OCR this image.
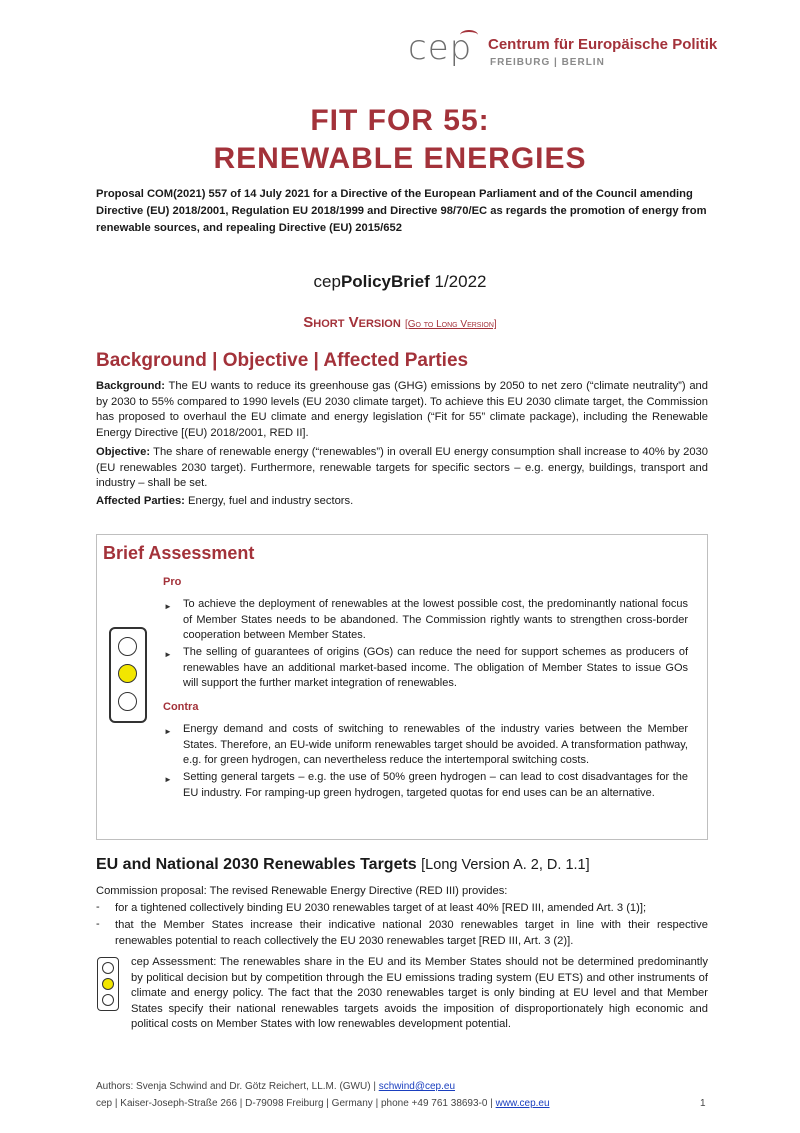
cep Centrum für Europäische Politik
FREIBURG | BERLIN
FIT FOR 55:
RENEWABLE ENERGIES
Proposal COM(2021) 557 of 14 July 2021 for a Directive of the European Parliament and of the Council amending Directive (EU) 2018/2001, Regulation EU 2018/1999 and Directive 98/70/EC as regards the promotion of energy from renewable sources, and repealing Directive (EU) 2015/652
cepPolicyBrief 1/2022
Short Version [Go to Long Version]
Background | Objective | Affected Parties
Background: The EU wants to reduce its greenhouse gas (GHG) emissions by 2050 to net zero (“climate neutrality”) and by 2030 to 55% compared to 1990 levels (EU 2030 climate target). To achieve this EU 2030 climate target, the Commission has proposed to overhaul the EU climate and energy legislation (“Fit for 55” climate package), including the Renewable Energy Directive [(EU) 2018/2001, RED II].
Objective: The share of renewable energy (“renewables”) in overall EU energy consumption shall increase to 40% by 2030 (EU renewables 2030 target). Furthermore, renewable targets for specific sectors – e.g. energy, buildings, transport and industry – shall be set.
Affected Parties: Energy, fuel and industry sectors.
Brief Assessment
Pro
► To achieve the deployment of renewables at the lowest possible cost, the predominantly national focus of Member States needs to be abandoned. The Commission rightly wants to strengthen cross-border cooperation between Member States.
► The selling of guarantees of origins (GOs) can reduce the need for support schemes as producers of renewables have an additional market-based income. The obligation of Member States to issue GOs will support the further market integration of renewables.
Contra
► Energy demand and costs of switching to renewables of the industry varies between the Member States. Therefore, an EU-wide uniform renewables target should be avoided. A transformation pathway, e.g. for green hydrogen, can nevertheless reduce the intertemporal switching costs.
► Setting general targets – e.g. the use of 50% green hydrogen – can lead to cost disadvantages for the EU industry. For ramping-up green hydrogen, targeted quotas for end uses can be an alternative.
EU and National 2030 Renewables Targets [Long Version A. 2, D. 1.1]
Commission proposal: The revised Renewable Energy Directive (RED III) provides:
- for a tightened collectively binding EU 2030 renewables target of at least 40% [RED III, amended Art. 3 (1)];
- that the Member States increase their indicative national 2030 renewables target in line with their respective renewables potential to reach collectively the EU 2030 renewables target [RED III, Art. 3 (2)].
cep Assessment: The renewables share in the EU and its Member States should not be determined predominantly by political decision but by competition through the EU emissions trading system (EU ETS) and other instruments of climate and energy policy. The fact that the 2030 renewables target is only binding at EU level and that Member States specify their national renewables targets avoids the imposition of disproportionately high economic and political costs on Member States with low renewables development potential.
Authors: Svenja Schwind and Dr. Götz Reichert, LL.M. (GWU) | schwind@cep.eu
cep | Kaiser-Joseph-Straße 266 | D-79098 Freiburg | Germany | phone +49 761 38693-0 | www.cep.eu	1
